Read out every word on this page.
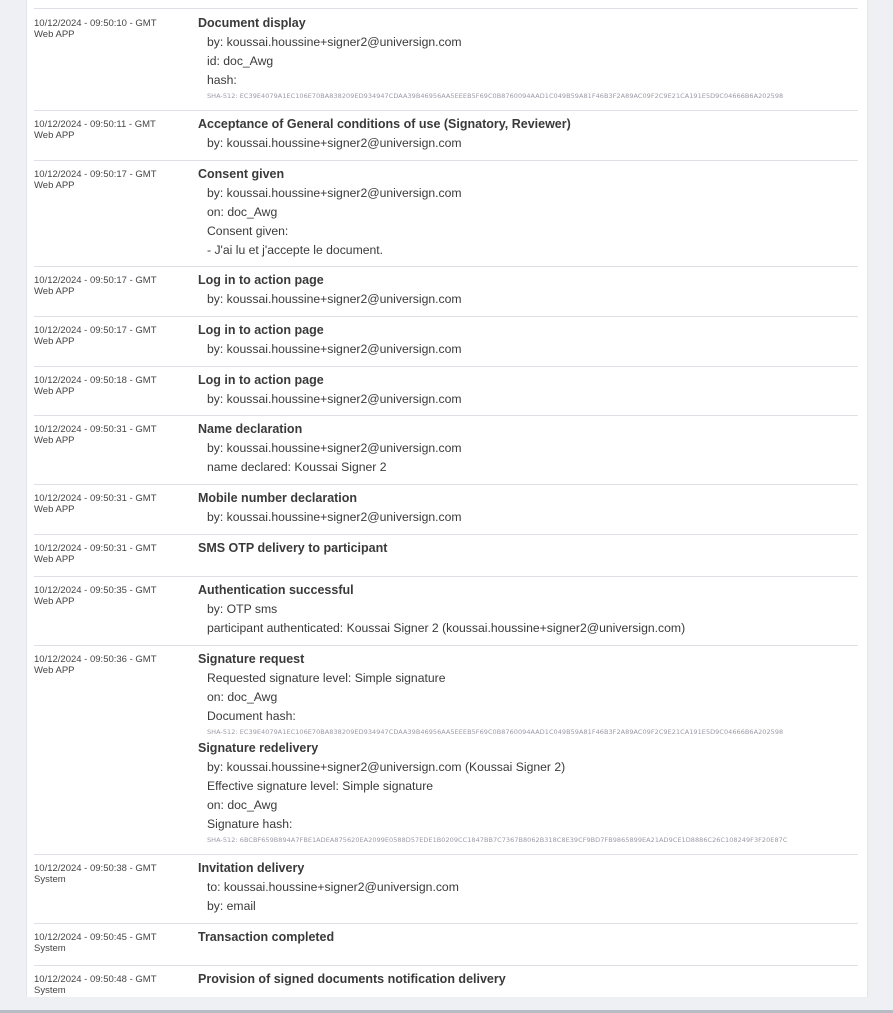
10/12/2024 - 09:50:10 - GMT
Web APP
Document display
by: koussai.houssine+signer2@universign.com
id: doc_Awg
hash:
SHA-512: EC39E4079A1EC106E70BA838209ED934947CDAA39B46956AA5EEEB5F69C0B8760094AAD1C049B59A81F46B3F2A89AC09F2C9E21CA191E5D9C04666B6A202598
10/12/2024 - 09:50:11 - GMT
Web APP
Acceptance of General conditions of use (Signatory, Reviewer)
by: koussai.houssine+signer2@universign.com
10/12/2024 - 09:50:17 - GMT
Web APP
Consent given
by: koussai.houssine+signer2@universign.com
on: doc_Awg
Consent given:
- J'ai lu et j'accepte le document.
10/12/2024 - 09:50:17 - GMT
Web APP
Log in to action page
by: koussai.houssine+signer2@universign.com
10/12/2024 - 09:50:17 - GMT
Web APP
Log in to action page
by: koussai.houssine+signer2@universign.com
10/12/2024 - 09:50:18 - GMT
Web APP
Log in to action page
by: koussai.houssine+signer2@universign.com
10/12/2024 - 09:50:31 - GMT
Web APP
Name declaration
by: koussai.houssine+signer2@universign.com
name declared: Koussai Signer 2
10/12/2024 - 09:50:31 - GMT
Web APP
Mobile number declaration
by: koussai.houssine+signer2@universign.com
10/12/2024 - 09:50:31 - GMT
Web APP
SMS OTP delivery to participant
10/12/2024 - 09:50:35 - GMT
Web APP
Authentication successful
by: OTP sms
participant authenticated: Koussai Signer 2 (koussai.houssine+signer2@universign.com)
10/12/2024 - 09:50:36 - GMT
Web APP
Signature request
Requested signature level: Simple signature
on: doc_Awg
Document hash:
SHA-512: EC39E4079A1EC106E70BA838209ED934947CDAA39B46956AA5EEEB5F69C0B8760094AAD1C049B59A81F46B3F2A89AC09F2C9E21CA191E5D9C04666B6A202598
Signature redelivery
by: koussai.houssine+signer2@universign.com (Koussai Signer 2)
Effective signature level: Simple signature
on: doc_Awg
Signature hash:
SHA-512: 6BCBF659B894A7FBE1ADEA875620EA2099E0588D57EDE1B0209CC1847BB7C7367B8062B318C8E39CF9BD7FB9865899EA21AD9CE1D8886C26C108249F3F20E87C
10/12/2024 - 09:50:38 - GMT
System
Invitation delivery
to: koussai.houssine+signer2@universign.com
by: email
10/12/2024 - 09:50:45 - GMT
System
Transaction completed
10/12/2024 - 09:50:48 - GMT
System
Provision of signed documents notification delivery
